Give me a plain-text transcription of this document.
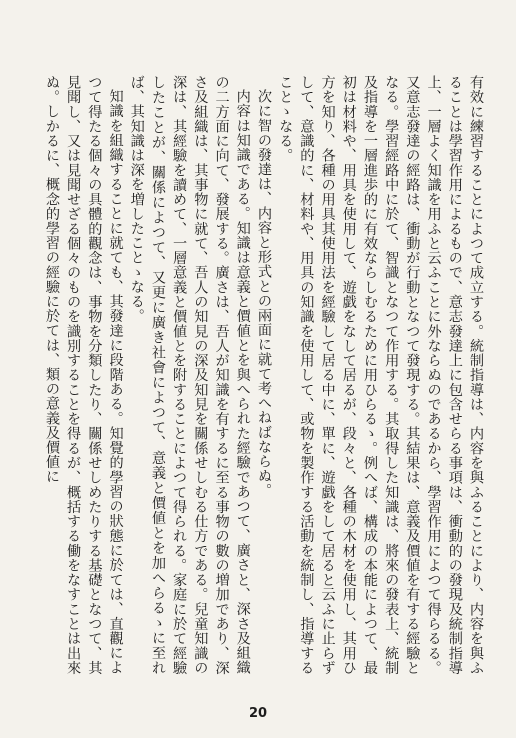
有效に練習することによつて成立する。統制指導は、内容を與ふることにより、内容を與ふることは學習作用によるもので、意志發達上に包含せらる事項は、衝動的の發現及統制指導上、一層よく知識を用ふと云ふことに外ならぬのであるから、學習作用によつて得らるる。又意志發達の經路は、衝動が行動となつて發現する。其結果は、意義及價値を有する經驗となる。學習經路中に於て、智識となつて作用する。其取得した知識は、將來の發表上、統制及指導を一層進歩的に有效ならしむるために用ひらるゝ。例へば、構成の本能によつて、最初は材料や、用具を使用して、遊戯をなして居るが、段々と、各種の木材を使用し、其用ひ方を知り、各種の用具其使用法を經驗して居る中に、單に、遊戯をして居ると云ふに止らずして、意識的に、材料や、用具の知識を使用して、或物を製作する活動を統制し、指導することゝなる。

次に智の發達は、内容と形式との兩面に就て考へねばならぬ。

内容は知識である。知識は意義と價値とを與へられた經驗であつて、廣さと、深さ及組織の二方面に向て、發展する。廣さは、吾人が知識を有するに至る事物の數の増加であり、深さ及組織は、其事物に就て、吾人の知見の深及知見を關係せしむる仕方である。兒童知識の深は、其經驗を讀めて、一層意義と價値とを附することによつて得られる。家庭に於て經驗したことが、關係によつて、又更に廣き社會によつて、意義と價値とを加へらるゝに至れば、其知識は深を増したことゝなる。

知識を組織することに就ても、其發達に段階ある。知覺的學習の狀態に於ては、直觀によつて得たる個々の具體的觀念は、事物を分類したり、關係せしめたりする基礎となつて、其見聞し、又は見聞せざる個々のものを識別することを得るが、概括する働をなすことは出來ぬ。しかるに、概念的學習の經驗に於ては、類の意義及價値に

20
